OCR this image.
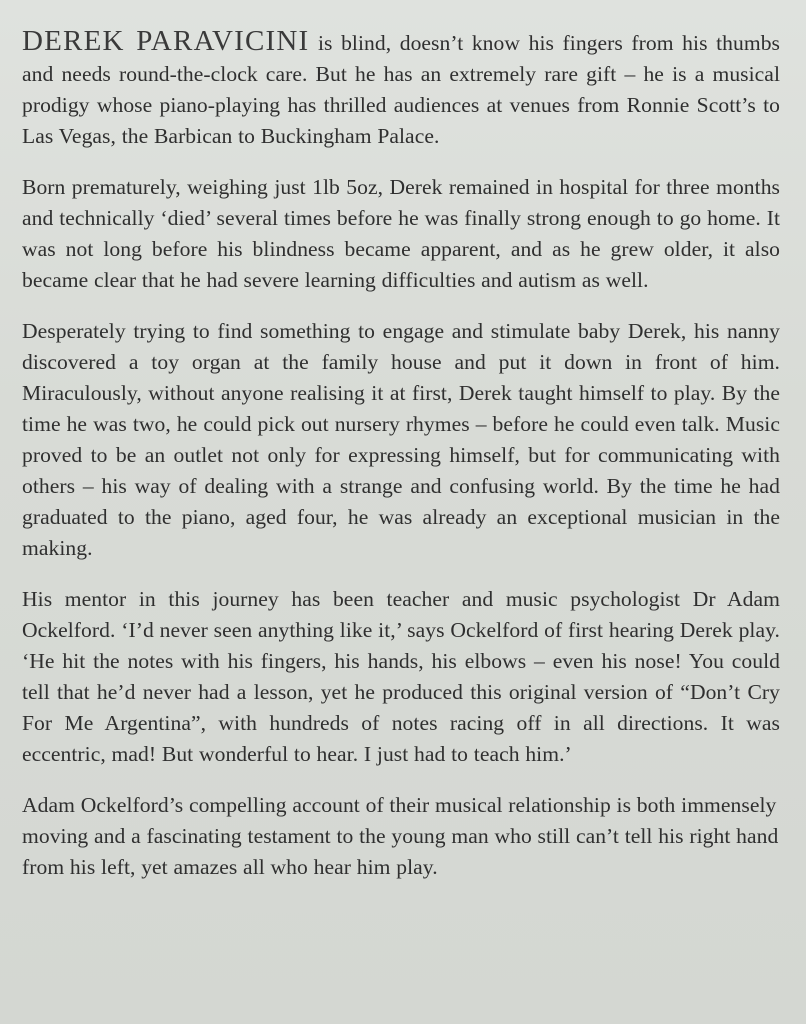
DEREK PARAVICINI is blind, doesn’t know his fingers from his thumbs and needs round-the-clock care. But he has an extremely rare gift – he is a musical prodigy whose piano-playing has thrilled audiences at venues from Ronnie Scott’s to Las Vegas, the Barbican to Buckingham Palace.

Born prematurely, weighing just 1lb 5oz, Derek remained in hospital for three months and technically ‘died’ several times before he was finally strong enough to go home. It was not long before his blindness became apparent, and as he grew older, it also became clear that he had severe learning difficulties and autism as well.

Desperately trying to find something to engage and stimulate baby Derek, his nanny discovered a toy organ at the family house and put it down in front of him. Miraculously, without anyone realising it at first, Derek taught himself to play. By the time he was two, he could pick out nursery rhymes – before he could even talk. Music proved to be an outlet not only for expressing himself, but for communicating with others – his way of dealing with a strange and confusing world. By the time he had graduated to the piano, aged four, he was already an exceptional musician in the making.

His mentor in this journey has been teacher and music psychologist Dr Adam Ockelford. ‘I’d never seen anything like it,’ says Ockelford of first hearing Derek play. ‘He hit the notes with his fingers, his hands, his elbows – even his nose! You could tell that he’d never had a lesson, yet he produced this original version of “Don’t Cry For Me Argentina”, with hundreds of notes racing off in all directions. It was eccentric, mad! But wonderful to hear. I just had to teach him.’

Adam Ockelford’s compelling account of their musical relationship is both immensely moving and a fascinating testament to the young man who still can’t tell his right hand from his left, yet amazes all who hear him play.
